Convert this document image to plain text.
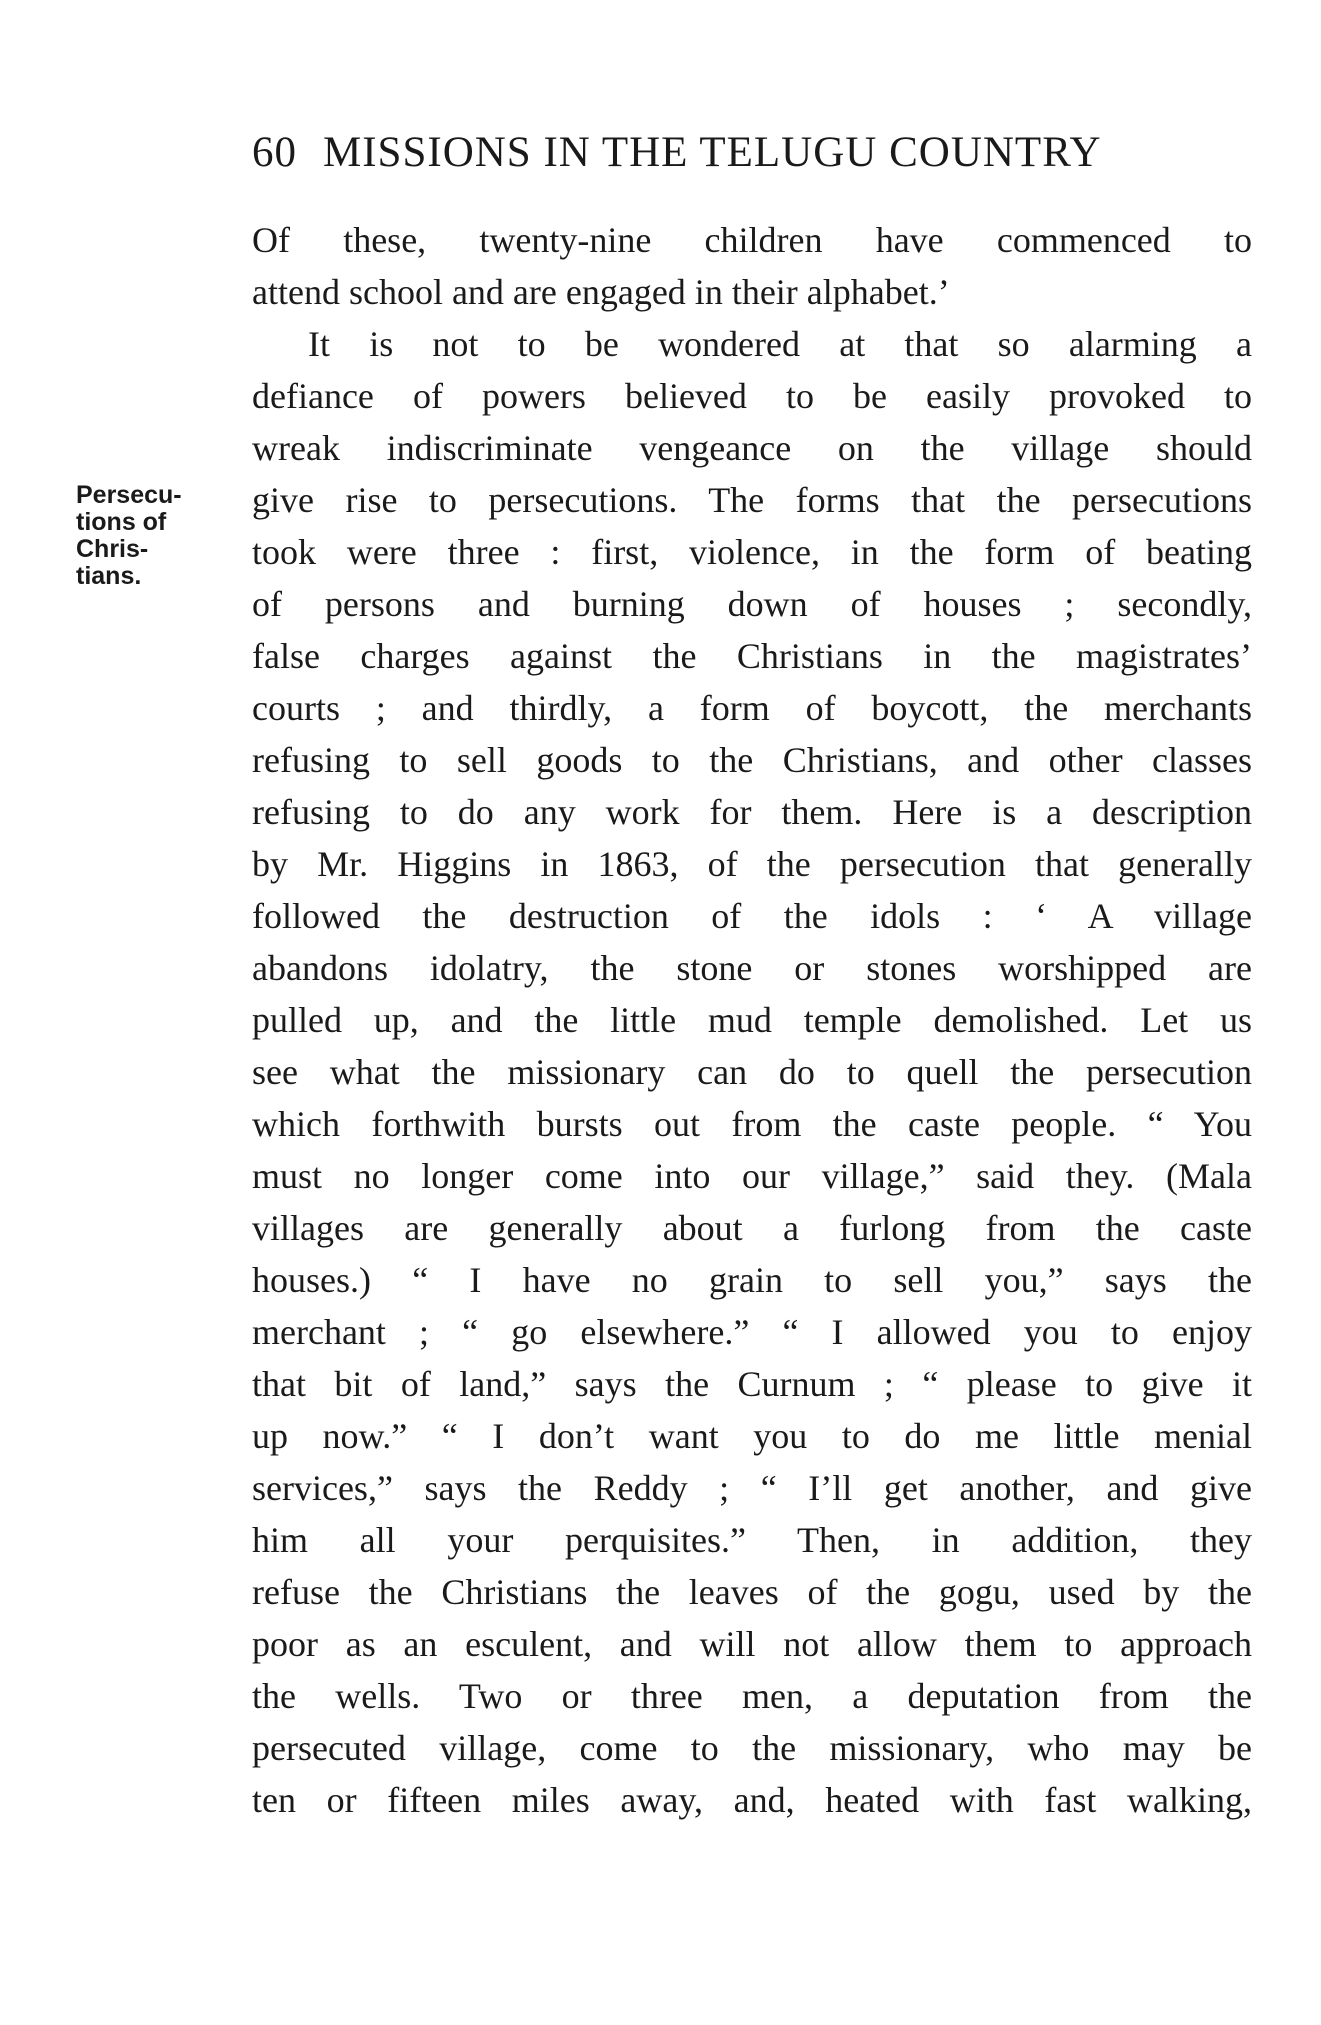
60 MISSIONS IN THE TELUGU COUNTRY
Persecu-
tions of
Chris-
tians.
Of these, twenty-nine children have commenced to
attend school and are engaged in their alphabet.’
It is not to be wondered at that so alarming a
defiance of powers believed to be easily provoked to
wreak indiscriminate vengeance on the village should
give rise to persecutions. The forms that the persecutions
took were three : first, violence, in the form of beating
of persons and burning down of houses ; secondly,
false charges against the Christians in the magistrates’
courts ; and thirdly, a form of boycott, the merchants
refusing to sell goods to the Christians, and other classes
refusing to do any work for them. Here is a description
by Mr. Higgins in 1863, of the persecution that generally
followed the destruction of the idols : ‘ A village
abandons idolatry, the stone or stones worshipped are
pulled up, and the little mud temple demolished. Let us
see what the missionary can do to quell the persecution
which forthwith bursts out from the caste people. “ You
must no longer come into our village,” said they. (Mala
villages are generally about a furlong from the caste
houses.) “ I have no grain to sell you,” says the
merchant ; “ go elsewhere.” “ I allowed you to enjoy
that bit of land,” says the Curnum ; “ please to give it
up now.” “ I don’t want you to do me little menial
services,” says the Reddy ; “ I’ll get another, and give
him all your perquisites.” Then, in addition, they
refuse the Christians the leaves of the gogu, used by the
poor as an esculent, and will not allow them to approach
the wells. Two or three men, a deputation from the
persecuted village, come to the missionary, who may be
ten or fifteen miles away, and, heated with fast walking,
